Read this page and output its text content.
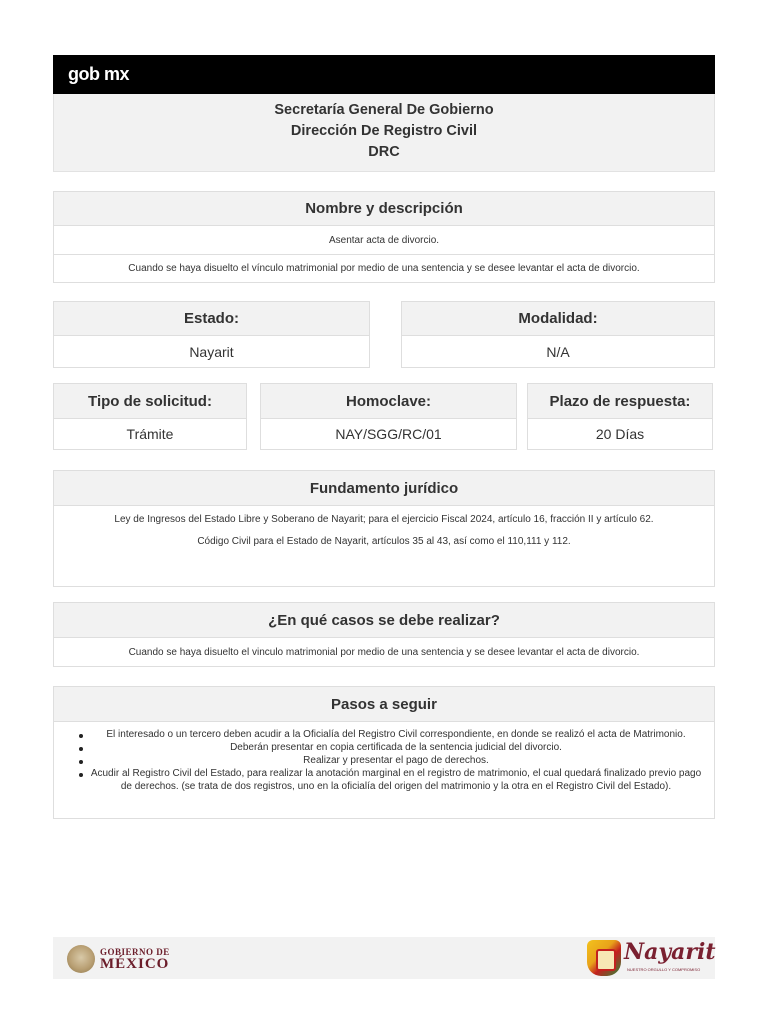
gob mx
Secretaría General De Gobierno
Dirección De Registro Civil
DRC
Nombre y descripción
Asentar acta de divorcio.
Cuando se haya disuelto el vínculo matrimonial por medio de una sentencia y se desee levantar el acta de divorcio.
Estado:
Nayarit
Modalidad:
N/A
Tipo de solicitud:
Trámite
Homoclave:
NAY/SGG/RC/01
Plazo de respuesta:
20 Días
Fundamento jurídico
Ley de Ingresos del Estado Libre y Soberano de Nayarit; para el ejercicio Fiscal 2024, artículo 16, fracción II y artículo 62.
Código Civil para el Estado de Nayarit, artículos 35 al 43, así como el 110,111 y 112.
¿En qué casos se debe realizar?
Cuando se haya disuelto el vinculo matrimonial por medio de una sentencia y se desee levantar el acta de divorcio.
Pasos a seguir
El interesado o un tercero deben acudir a la Oficialía del Registro Civil correspondiente, en donde se realizó el acta de Matrimonio.
Deberán presentar en copia certificada de la sentencia judicial del divorcio.
Realizar y presentar el pago de derechos.
Acudir al Registro Civil del Estado, para realizar la anotación marginal en el registro de matrimonio, el cual quedará finalizado previo pago de derechos. (se trata de dos registros, uno en la oficialía del origen del matrimonio y la otra en el Registro Civil del Estado).
GOBIERNO DE
MÉXICO	Nayarit
NUESTRO ORGULLO Y COMPROMISO
